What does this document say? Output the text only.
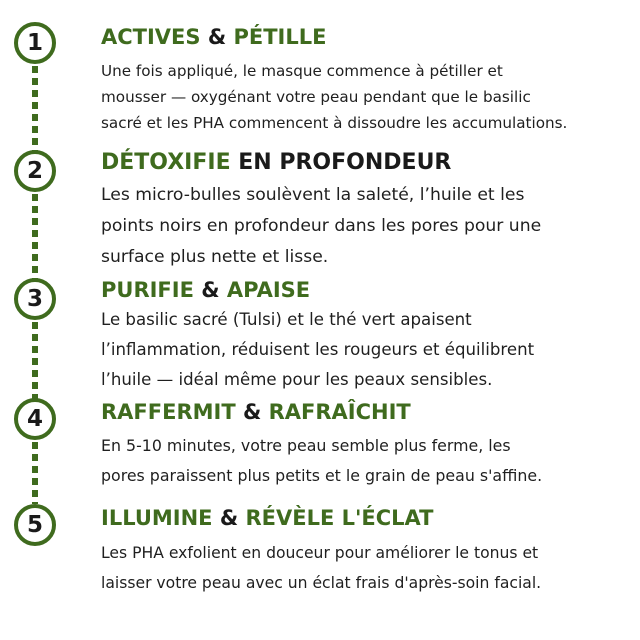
1
2
3
4
5
ACTIVES & PÉTILLE
Une fois appliqué, le masque commence à pétiller et
mousser — oxygénant votre peau pendant que le basilic
sacré et les PHA commencent à dissoudre les accumulations.
DÉTOXIFIE EN PROFONDEUR
Les micro-bulles soulèvent la saleté, l’huile et les
points noirs en profondeur dans les pores pour une
surface plus nette et lisse.
PURIFIE & APAISE
Le basilic sacré (Tulsi) et le thé vert apaisent
l’inflammation, réduisent les rougeurs et équilibrent
l’huile — idéal même pour les peaux sensibles.
RAFFERMIT & RAFRAÎCHIT
En 5-10 minutes, votre peau semble plus ferme, les
pores paraissent plus petits et le grain de peau s'affine.
ILLUMINE & RÉVÈLE L'ÉCLAT
Les PHA exfolient en douceur pour améliorer le tonus et
laisser votre peau avec un éclat frais d'après-soin facial.
